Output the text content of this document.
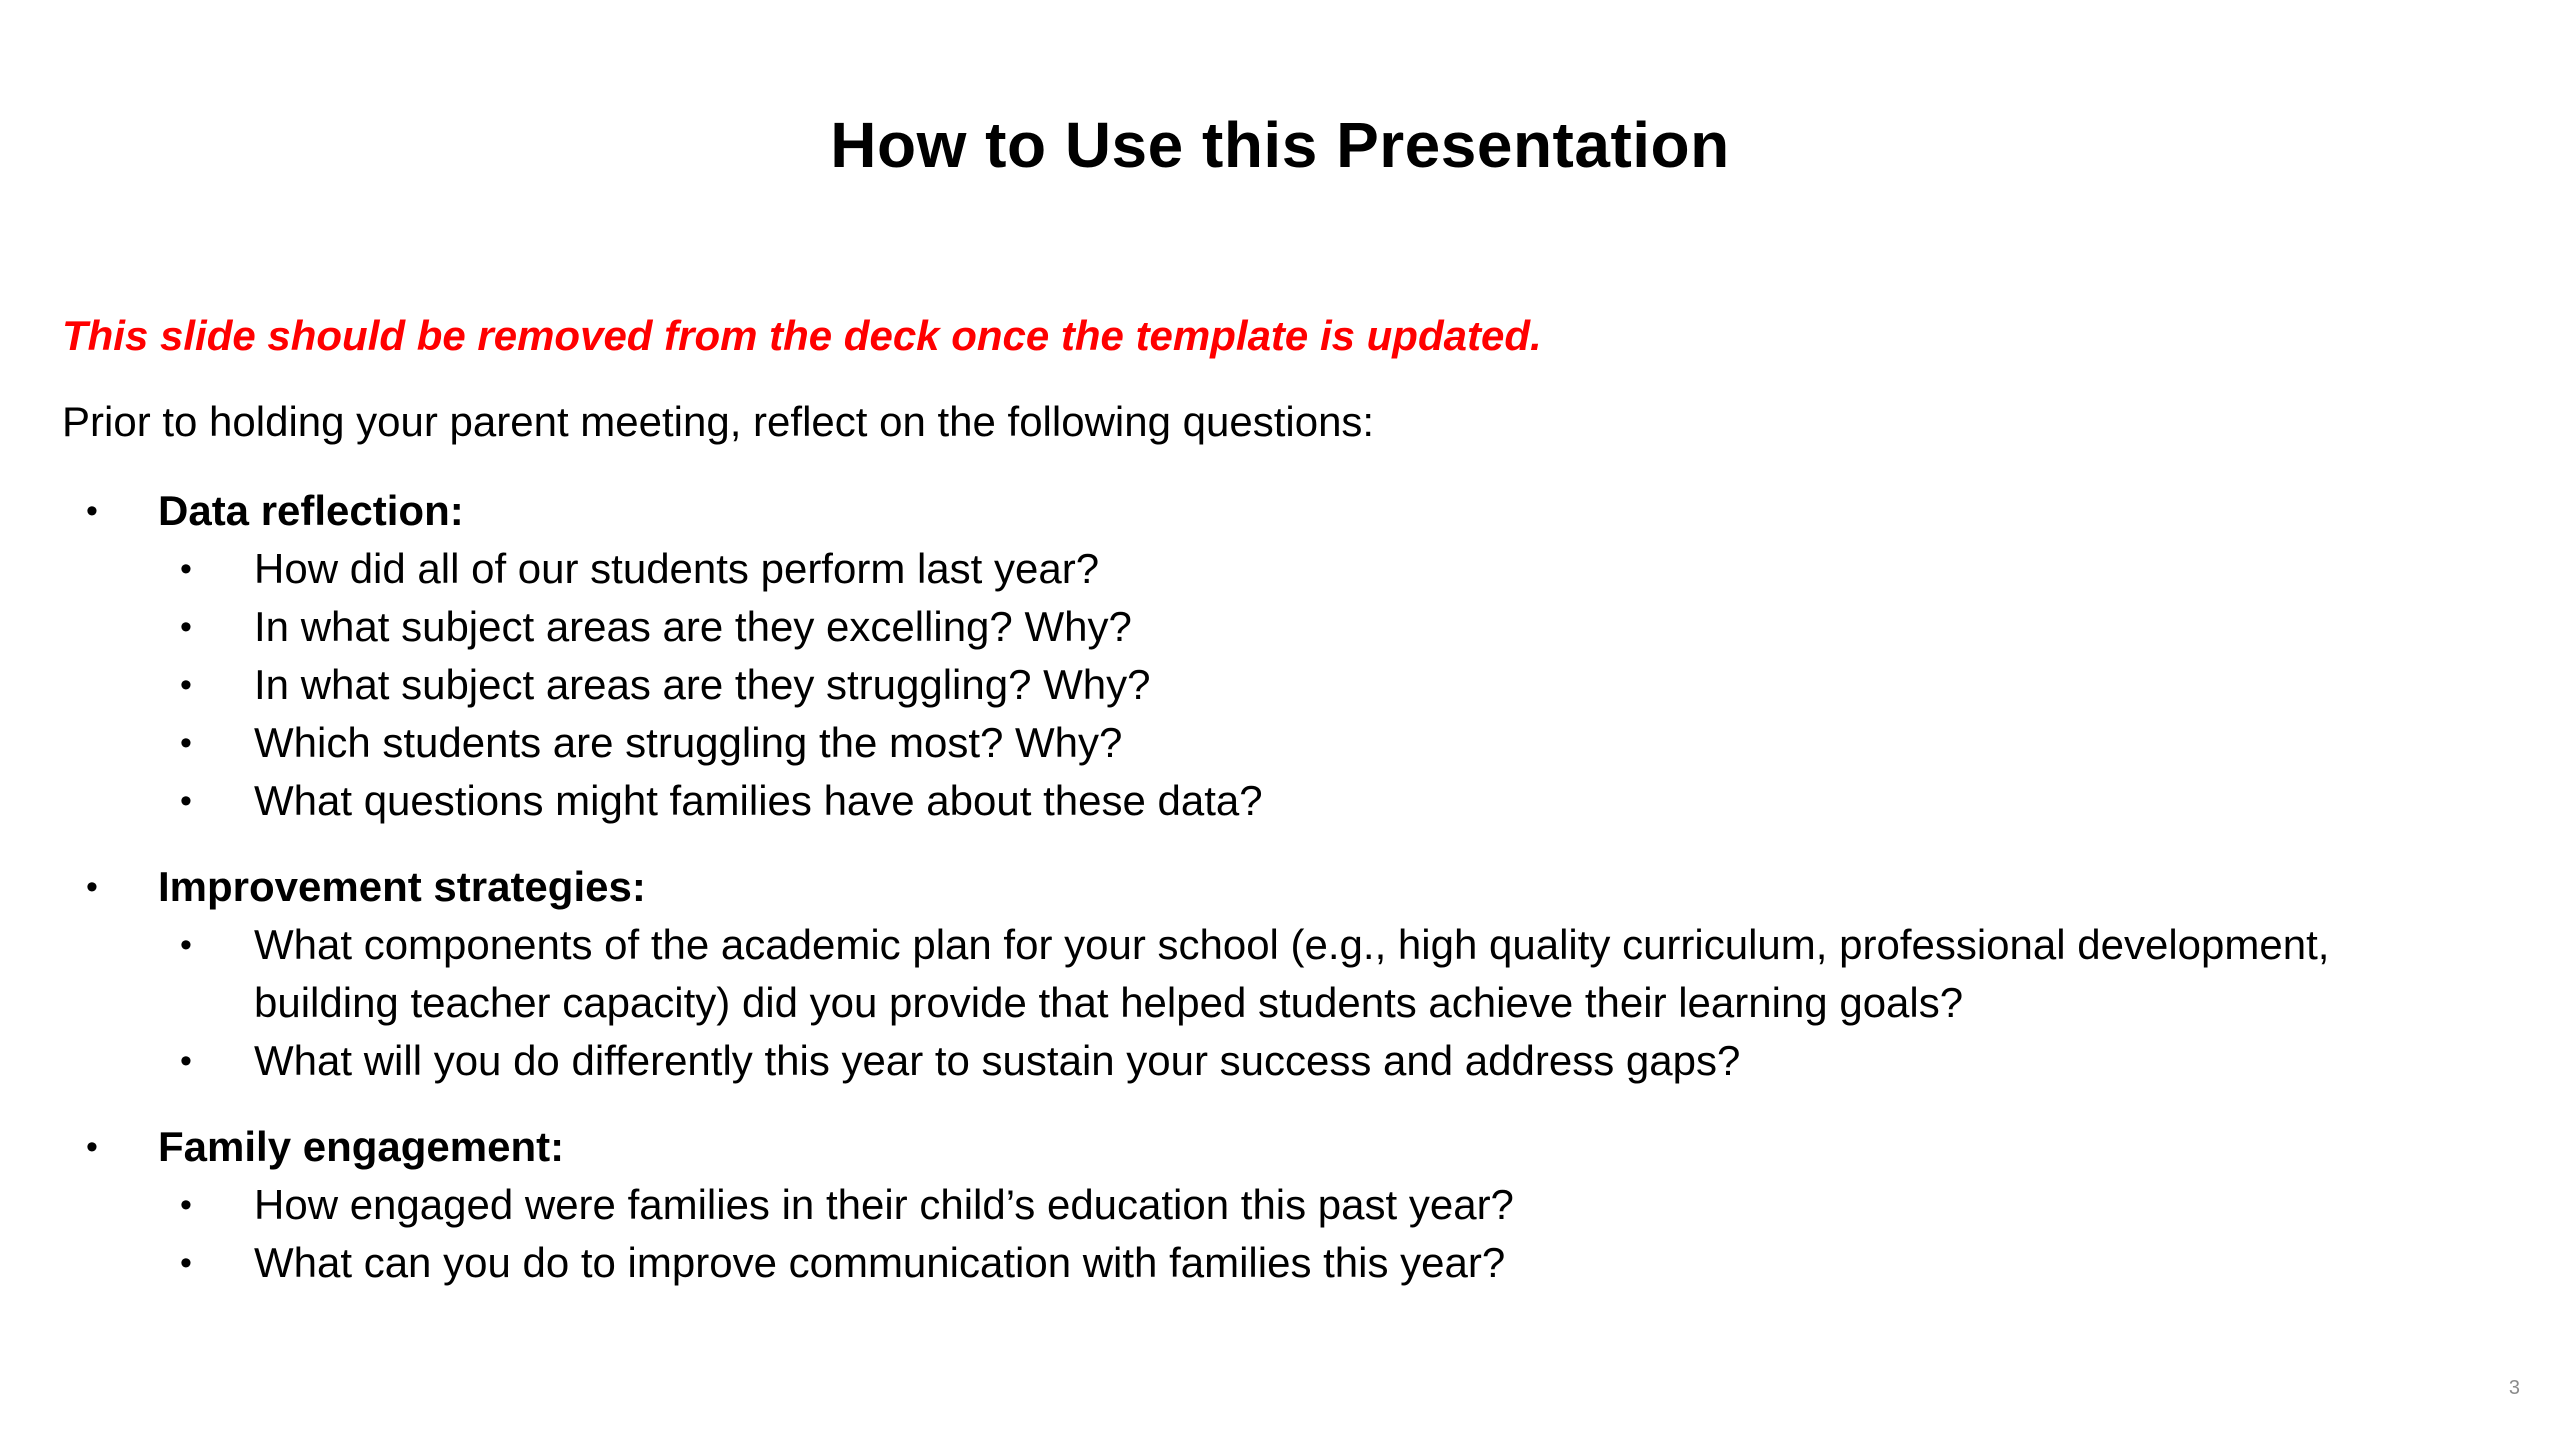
How to Use this Presentation
This slide should be removed from the deck once the template is updated.
Prior to holding your parent meeting, reflect on the following questions:
• Data reflection:
• How did all of our students perform last year?
• In what subject areas are they excelling? Why?
• In what subject areas are they struggling? Why?
• Which students are struggling the most? Why?
• What questions might families have about these data?
• Improvement strategies:
• What components of the academic plan for your school (e.g., high quality curriculum, professional development, building teacher capacity) did you provide that helped students achieve their learning goals?
• What will you do differently this year to sustain your success and address gaps?
• Family engagement:
• How engaged were families in their child’s education this past year?
• What can you do to improve communication with families this year?
3
